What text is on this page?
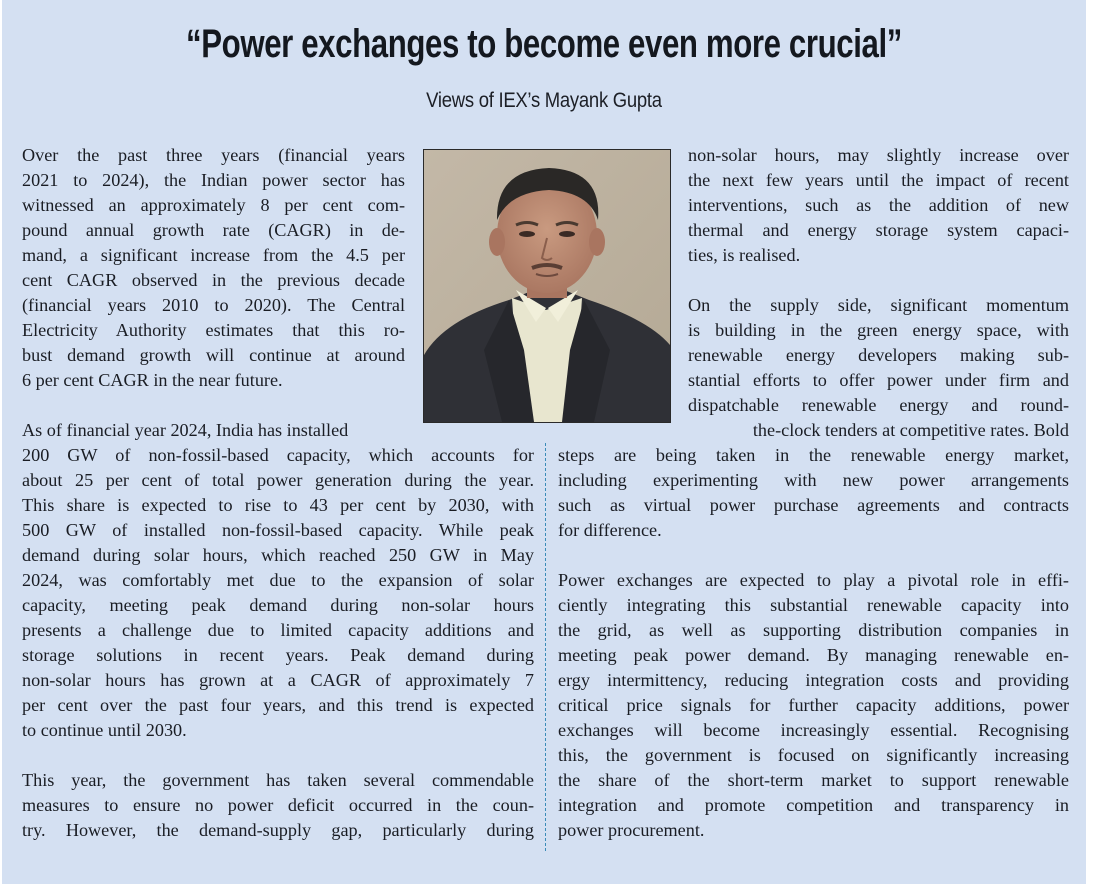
“Power exchanges to become even more crucial”
Views of IEX’s Mayank Gupta
Over the past three years (financial years
2021 to 2024), the Indian power sector has
witnessed an approximately 8 per cent com-
pound annual growth rate (CAGR) in de-
mand, a significant increase from the 4.5 per
cent CAGR observed in the previous decade
(financial years 2010 to 2020). The Central
Electricity Authority estimates that this ro-
bust demand growth will continue at around
6 per cent CAGR in the near future.
non-solar hours, may slightly increase over
the next few years until the impact of recent
interventions, such as the addition of new
thermal and energy storage system capaci-
ties, is realised.
On the supply side, significant momentum
is building in the green energy space, with
renewable energy developers making sub-
stantial efforts to offer power under firm and
dispatchable renewable energy and round-
the-clock tenders at competitive rates. Bold
As of financial year 2024, India has installed
200 GW of non-fossil-based capacity, which accounts for
about 25 per cent of total power generation during the year.
This share is expected to rise to 43 per cent by 2030, with
500 GW of installed non-fossil-based capacity. While peak
demand during solar hours, which reached 250 GW in May
2024, was comfortably met due to the expansion of solar
capacity, meeting peak demand during non-solar hours
presents a challenge due to limited capacity additions and
storage solutions in recent years. Peak demand during
non-solar hours has grown at a CAGR of approximately 7
per cent over the past four years, and this trend is expected
to continue until 2030.
This year, the government has taken several commendable
measures to ensure no power deficit occurred in the coun-
try. However, the demand-supply gap, particularly during
steps are being taken in the renewable energy market,
including experimenting with new power arrangements
such as virtual power purchase agreements and contracts
for difference.
Power exchanges are expected to play a pivotal role in effi-
ciently integrating this substantial renewable capacity into
the grid, as well as supporting distribution companies in
meeting peak power demand. By managing renewable en-
ergy intermittency, reducing integration costs and providing
critical price signals for further capacity additions, power
exchanges will become increasingly essential. Recognising
this, the government is focused on significantly increasing
the share of the short-term market to support renewable
integration and promote competition and transparency in
power procurement.
